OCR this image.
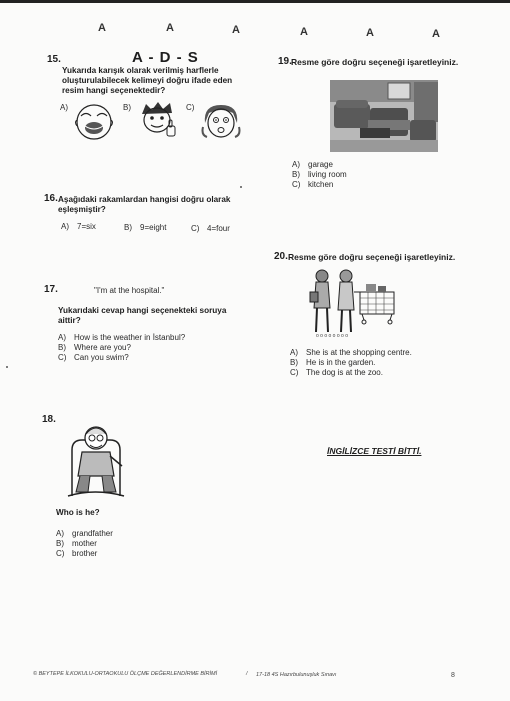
A	A	A	A	A	A
15.	A - D - S
Yukarıda karışık olarak verilmiş harflerle oluşturulabilecek kelimeyi doğru ifade eden resim hangi seçenektedir?
A)	B)	C)
16. Aşağıdaki rakamlardan hangisi doğru olarak eşleşmiştir?
A) 7=six	B) 9=eight	C) 4=four
17.	"I'm at the hospital."
Yukarıdaki cevap hangi seçenekteki soruya aittir?
A) How is the weather in İstanbul?
B) Where are you?
C) Can you swim?
18.
Who is he?
A) grandfather
B) mother
C) brother
19. Resme göre doğru seçeneği işaretleyiniz.
A) garage
B) living room
C) kitchen
20. Resme göre doğru seçeneği işaretleyiniz.
o o o o o o o o
A) She is at the shopping centre.
B) He is in the garden.
C) The dog is at the zoo.
İNGİLİZCE TESTİ BİTTİ.
© BEYTEPE İLKOKULU-ORTAOKULU ÖLÇME DEĞERLENDİRME BİRİMİ	/ 17-18 4S Hazırbulunuşluk Sınavı	8
